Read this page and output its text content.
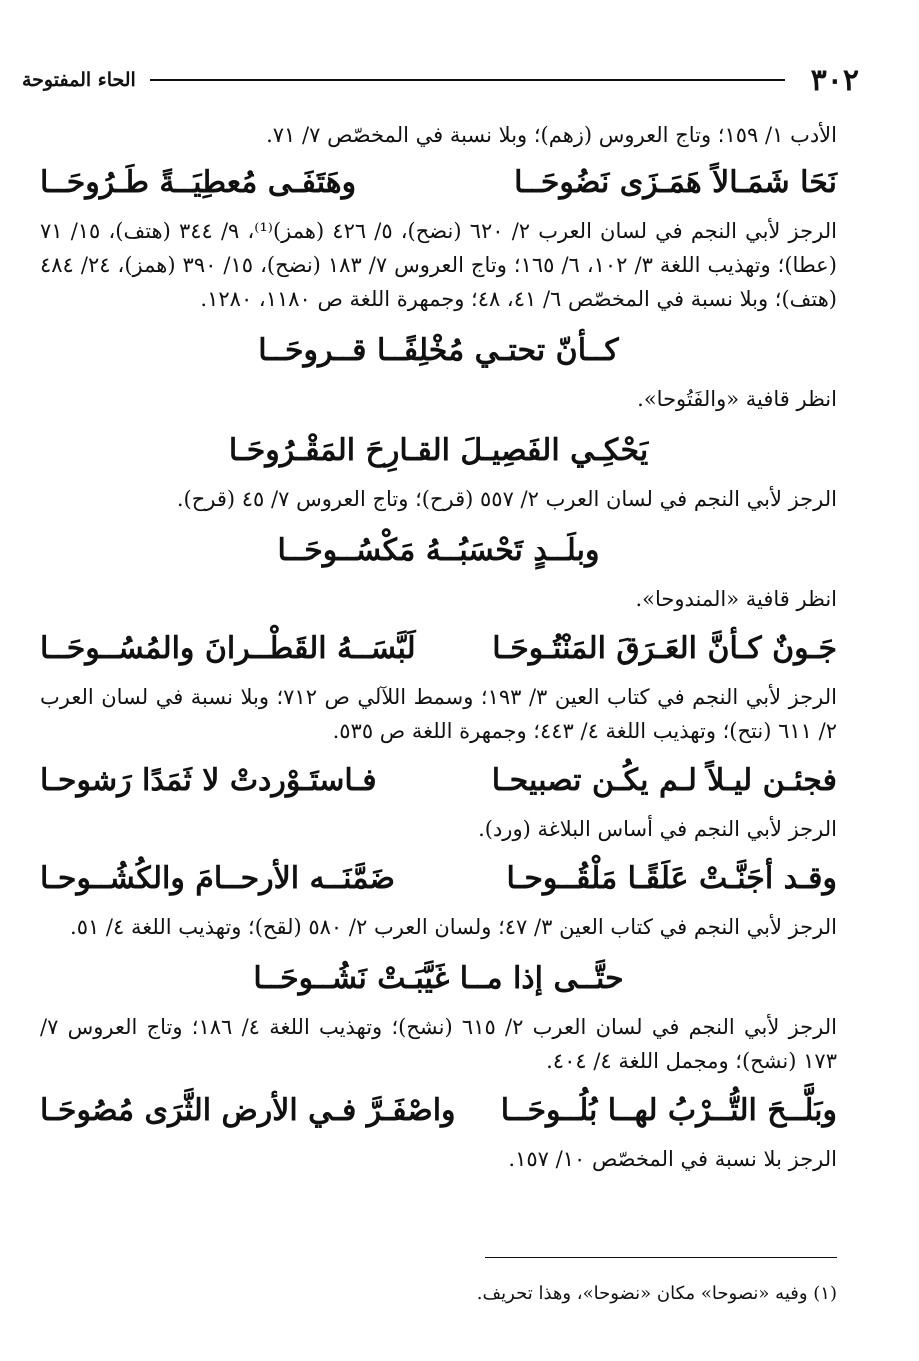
٣٠٢
الحاء المفتوحة

الأدب ١/ ١٥٩؛ وتاج العروس (زهم)؛ وبلا نسبة في المخصّص ٧/ ٧١.

نَحَا شَمَـالاً هَمَـزَى نَضُوحَــا
وهَتَفَـى مُعطِيَــةً طَـرُوحَــا

الرجز لأبي النجم في لسان العرب ٢/ ٦٢٠ (نضح)، ٥/ ٤٢٦ (همز)⁽¹⁾، ٩/ ٣٤٤ (هتف)، ١٥/ ٧١ (عطا)؛ وتهذيب اللغة ٣/ ١٠٢، ٦/ ١٦٥؛ وتاج العروس ٧/ ١٨٣ (نضح)، ١٥/ ٣٩٠ (همز)، ٢٤/ ٤٨٤ (هتف)؛ وبلا نسبة في المخصّص ٦/ ٤١، ٤٨؛ وجمهرة اللغة ص ١١٨٠، ١٢٨٠.

كــأنّ تحتـي مُخْلِفًــا قــروحَــا

انظر قافية «والفَتُوحا».

يَحْكِـي الفَصِيـلَ القـارِحَ المَقْـرُوحَـا

الرجز لأبي النجم في لسان العرب ٢/ ٥٥٧ (قرح)؛ وتاج العروس ٧/ ٤٥ (قرح).

وبلَــدٍ تَحْسَبُــهُ مَكْسُــوحَــا

انظر قافية «المندوحا».

جَـونٌ كـأنَّ العَـرَقَ المَنْتُـوحَـا
لَبَّسَــهُ القَطْــرانَ والمُسُــوحَــا

الرجز لأبي النجم في كتاب العين ٣/ ١٩٣؛ وسمط اللآلي ص ٧١٢؛ وبلا نسبة في لسان العرب ٢/ ٦١١ (نتح)؛ وتهذيب اللغة ٤/ ٤٤٣؛ وجمهرة اللغة ص ٥٣٥.

فجئـن ليـلاً لـم يكُـن تصبيحـا
فـاستَـوْردتْ لا ثَمَدًا رَشوحـا

الرجز لأبي النجم في أساس البلاغة (ورد).

وقـد أجَنَّـتْ عَلَقًـا مَلْقُــوحـا
ضَمَّنَــه الأرحــامَ والكُشُــوحـا

الرجز لأبي النجم في كتاب العين ٣/ ٤٧؛ ولسان العرب ٢/ ٥٨٠ (لقح)؛ وتهذيب اللغة ٤/ ٥١.

حتَّــى إذا مــا غَيَّبَـتْ نَشُــوحَــا

الرجز لأبي النجم في لسان العرب ٢/ ٦١٥ (نشح)؛ وتهذيب اللغة ٤/ ١٨٦؛ وتاج العروس ٧/ ١٧٣ (نشح)؛ ومجمل اللغة ٤/ ٤٠٤.

وبَلَّــحَ التُّــرْبُ لهــا بُلُــوحَــا
واصْفَـرَّ فـي الأرض الثَّرَى مُصُوحَـا

الرجز بلا نسبة في المخصّص ١٠/ ١٥٧.

(١) وفيه «نصوحا» مكان «نضوحا»، وهذا تحريف.
